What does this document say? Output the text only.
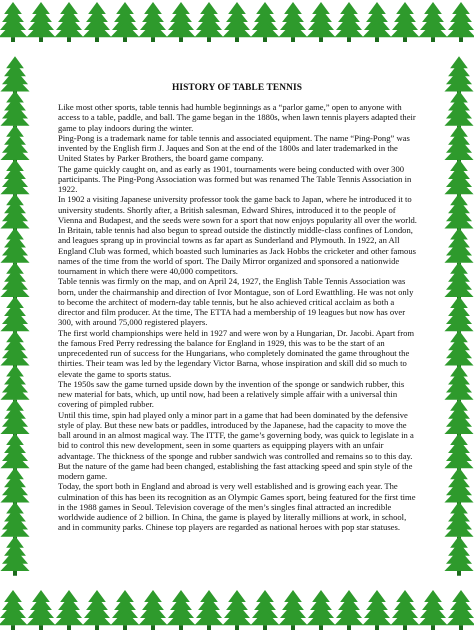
HISTORY OF TABLE TENNIS

Like most other sports, table tennis had humble beginnings as a “parlor game,” open to anyone with access to a table, paddle, and ball. The game began in the 1880s, when lawn tennis players adapted their game to play indoors during the winter.

Ping-Pong is a trademark name for table tennis and associated equipment. The name “Ping-Pong” was invented by the English firm J. Jaques and Son at the end of the 1800s and later trademarked in the United States by Parker Brothers, the board game company.

The game quickly caught on, and as early as 1901, tournaments were being conducted with over 300 participants. The Ping-Pong Association was formed but was renamed The Table Tennis Association in 1922.

In 1902 a visiting Japanese university professor took the game back to Japan, where he introduced it to university students. Shortly after, a British salesman, Edward Shires, introduced it to the people of Vienna and Budapest, and the seeds were sown for a sport that now enjoys popularity all over the world. In Britain, table tennis had also begun to spread outside the distinctly middle-class confines of London, and leagues sprang up in provincial towns as far apart as Sunderland and Plymouth. In 1922, an All England Club was formed, which boasted such luminaries as Jack Hobbs the cricketer and other famous names of the time from the world of sport. The Daily Mirror organized and sponsored a nationwide tournament in which there were 40,000 competitors.

Table tennis was firmly on the map, and on April 24, 1927, the English Table Tennis Association was born, under the chairmanship and direction of Ivor Montague, son of Lord Ewatthling. He was not only to become the architect of modern-day table tennis, but he also achieved critical acclaim as both a director and film producer. At the time, The ETTA had a membership of 19 leagues but now has over 300, with around 75,000 registered players.

The first world championships were held in 1927 and were won by a Hungarian, Dr. Jacobi. Apart from the famous Fred Perry redressing the balance for England in 1929, this was to be the start of an unprecedented run of success for the Hungarians, who completely dominated the game throughout the thirties. Their team was led by the legendary Victor Barna, whose inspiration and skill did so much to elevate the game to sports status.

The 1950s saw the game turned upside down by the invention of the sponge or sandwich rubber, this new material for bats, which, up until now, had been a relatively simple affair with a universal thin covering of pimpled rubber.

Until this time, spin had played only a minor part in a game that had been dominated by the defensive style of play. But these new bats or paddles, introduced by the Japanese, had the capacity to move the ball around in an almost magical way. The ITTF, the game’s governing body, was quick to legislate in a bid to control this new development, seen in some quarters as equipping players with an unfair advantage. The thickness of the sponge and rubber sandwich was controlled and remains so to this day. But the nature of the game had been changed, establishing the fast attacking speed and spin style of the modern game.

Today, the sport both in England and abroad is very well established and is growing each year. The culmination of this has been its recognition as an Olympic Games sport, being featured for the first time in the 1988 games in Seoul. Television coverage of the men’s singles final attracted an incredible worldwide audience of 2 billion. In China, the game is played by literally millions at work, in school, and in community parks. Chinese top players are regarded as national heroes with pop star statuses.
